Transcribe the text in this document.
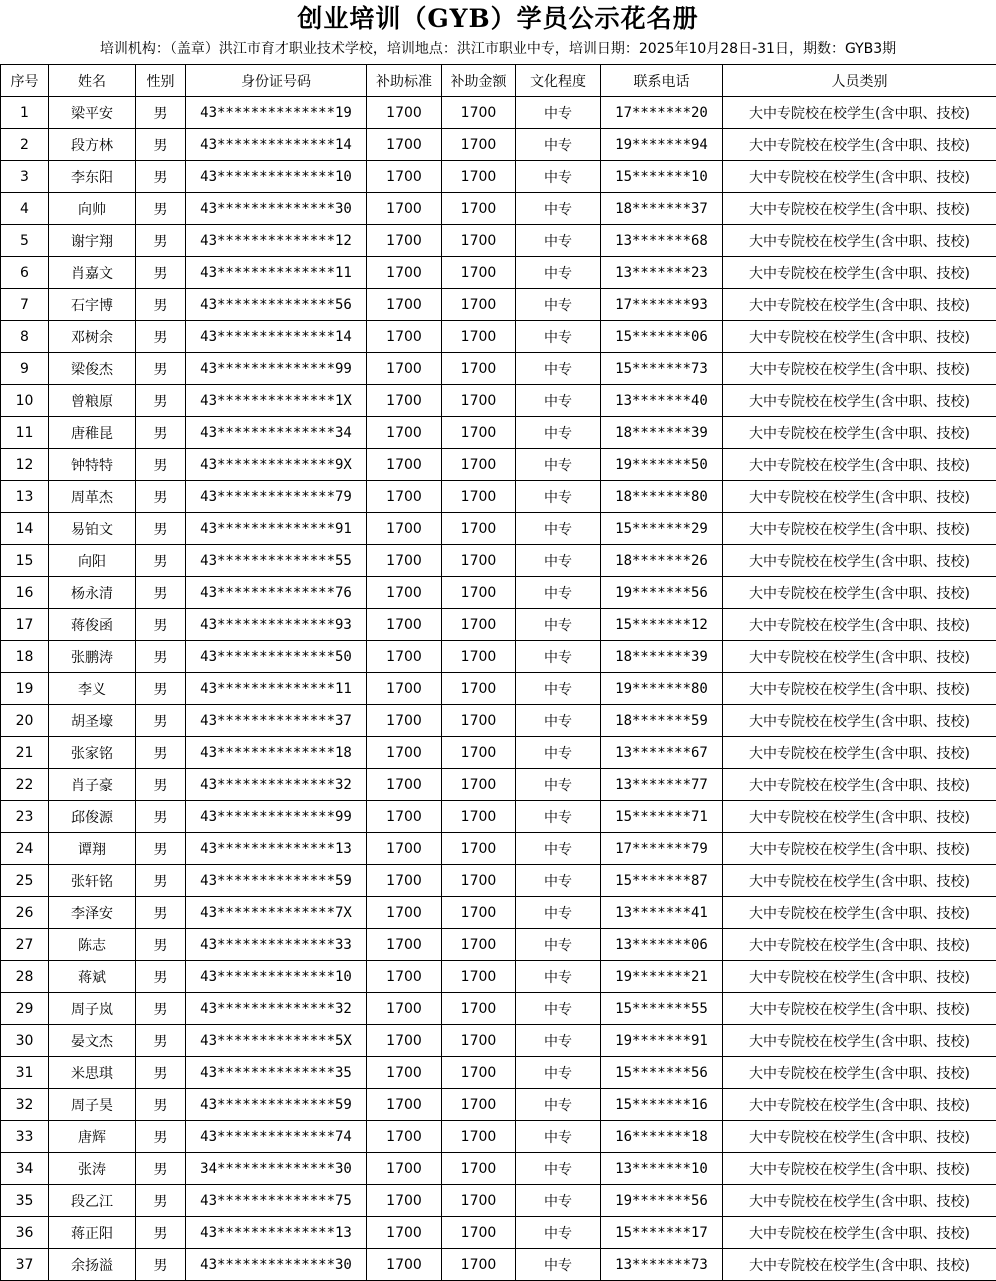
创业培训（GYB）学员公示花名册
培训机构：（盖章）洪江市育才职业技术学校，培训地点：洪江市职业中专，培训日期：2025年10月28日-31日，期数：GYB3期
序号	姓名	性别	身份证号码	补助标准	补助金额	文化程度	联系电话	人员类别
1	梁平安	男	43**************19	1700	1700	中专	17*******20	大中专院校在校学生(含中职、技校)
2	段方林	男	43**************14	1700	1700	中专	19*******94	大中专院校在校学生(含中职、技校)
3	李东阳	男	43**************10	1700	1700	中专	15*******10	大中专院校在校学生(含中职、技校)
4	向帅	男	43**************30	1700	1700	中专	18*******37	大中专院校在校学生(含中职、技校)
5	谢宇翔	男	43**************12	1700	1700	中专	13*******68	大中专院校在校学生(含中职、技校)
6	肖嘉文	男	43**************11	1700	1700	中专	13*******23	大中专院校在校学生(含中职、技校)
7	石宇博	男	43**************56	1700	1700	中专	17*******93	大中专院校在校学生(含中职、技校)
8	邓树余	男	43**************14	1700	1700	中专	15*******06	大中专院校在校学生(含中职、技校)
9	梁俊杰	男	43**************99	1700	1700	中专	15*******73	大中专院校在校学生(含中职、技校)
10	曾粮原	男	43**************1X	1700	1700	中专	13*******40	大中专院校在校学生(含中职、技校)
11	唐稚昆	男	43**************34	1700	1700	中专	18*******39	大中专院校在校学生(含中职、技校)
12	钟特特	男	43**************9X	1700	1700	中专	19*******50	大中专院校在校学生(含中职、技校)
13	周革杰	男	43**************79	1700	1700	中专	18*******80	大中专院校在校学生(含中职、技校)
14	易铂文	男	43**************91	1700	1700	中专	15*******29	大中专院校在校学生(含中职、技校)
15	向阳	男	43**************55	1700	1700	中专	18*******26	大中专院校在校学生(含中职、技校)
16	杨永清	男	43**************76	1700	1700	中专	19*******56	大中专院校在校学生(含中职、技校)
17	蒋俊函	男	43**************93	1700	1700	中专	15*******12	大中专院校在校学生(含中职、技校)
18	张鹏涛	男	43**************50	1700	1700	中专	18*******39	大中专院校在校学生(含中职、技校)
19	李义	男	43**************11	1700	1700	中专	19*******80	大中专院校在校学生(含中职、技校)
20	胡圣壕	男	43**************37	1700	1700	中专	18*******59	大中专院校在校学生(含中职、技校)
21	张家铭	男	43**************18	1700	1700	中专	13*******67	大中专院校在校学生(含中职、技校)
22	肖子豪	男	43**************32	1700	1700	中专	13*******77	大中专院校在校学生(含中职、技校)
23	邱俊源	男	43**************99	1700	1700	中专	15*******71	大中专院校在校学生(含中职、技校)
24	谭翔	男	43**************13	1700	1700	中专	17*******79	大中专院校在校学生(含中职、技校)
25	张轩铭	男	43**************59	1700	1700	中专	15*******87	大中专院校在校学生(含中职、技校)
26	李泽安	男	43**************7X	1700	1700	中专	13*******41	大中专院校在校学生(含中职、技校)
27	陈志	男	43**************33	1700	1700	中专	13*******06	大中专院校在校学生(含中职、技校)
28	蒋斌	男	43**************10	1700	1700	中专	19*******21	大中专院校在校学生(含中职、技校)
29	周子岚	男	43**************32	1700	1700	中专	15*******55	大中专院校在校学生(含中职、技校)
30	晏文杰	男	43**************5X	1700	1700	中专	19*******91	大中专院校在校学生(含中职、技校)
31	米思琪	男	43**************35	1700	1700	中专	15*******56	大中专院校在校学生(含中职、技校)
32	周子昊	男	43**************59	1700	1700	中专	15*******16	大中专院校在校学生(含中职、技校)
33	唐辉	男	43**************74	1700	1700	中专	16*******18	大中专院校在校学生(含中职、技校)
34	张涛	男	34**************30	1700	1700	中专	13*******10	大中专院校在校学生(含中职、技校)
35	段乙江	男	43**************75	1700	1700	中专	19*******56	大中专院校在校学生(含中职、技校)
36	蒋正阳	男	43**************13	1700	1700	中专	15*******17	大中专院校在校学生(含中职、技校)
37	余扬溢	男	43**************30	1700	1700	中专	13*******73	大中专院校在校学生(含中职、技校)
